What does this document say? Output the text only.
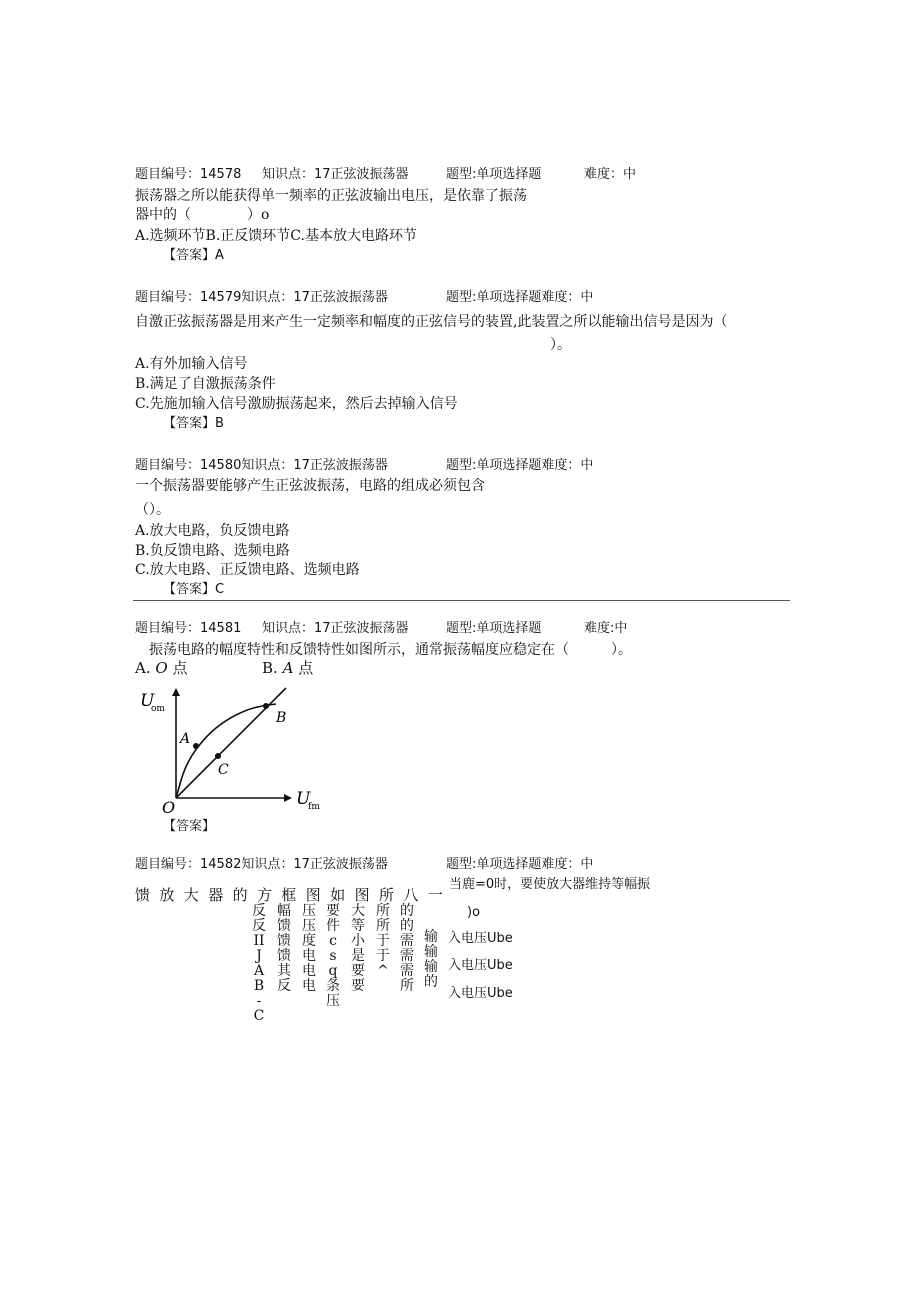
题目编号：14578 知识点：17正弦波振荡器	题型:单项选择题	难度：中
振荡器之所以能获得单一频率的正弦波输出电压，是依靠了振荡
器中的（　　　　）o
A.选频环节B.正反馈环节C.基本放大电路环节
【答案】A
题目编号：14579知识点：17正弦波振荡器	题型:单项选择题难度：中
自激正弦振荡器是用来产生一定频率和幅度的正弦信号的装置,此装置之所以能输出信号是因为（
）。
A.有外加输入信号
B.满足了自激振荡条件
C.先施加输入信号激励振荡起来，然后去掉输入信号
【答案】B
题目编号：14580知识点：17正弦波振荡器	题型:单项选择题难度：中
一个振荡器要能够产生正弦波振荡，电路的组成必须包含
（）。
A.放大电路，负反馈电路
B.负反馈电路、选频电路
C.放大电路、正反馈电路、选频电路
【答案】C
题目编号：14581 知识点：17正弦波振荡器	题型:单项选择题	难度:中
振荡电路的幅度特性和反馈特性如图所示，通常振荡幅度应稳定在（　　　）。
A. O 点	B. A 点
U
om
U
fm
O
A
B
C
【答案】
题目编号：14582知识点：17正弦波振荡器	题型:单项选择题难度：中
馈 放 大 器 的 方 框 图 如 图 所 八 一
当鹿=0时，要使放大器维持等幅振
)o
反反IIJAB-C
幅馈馈馈其反
压压度电电电
要件csq条压
大等小是要要
所所于于^
的的需需需所
输输输的
入电压Ube
入电压Ube
入电压Ube
